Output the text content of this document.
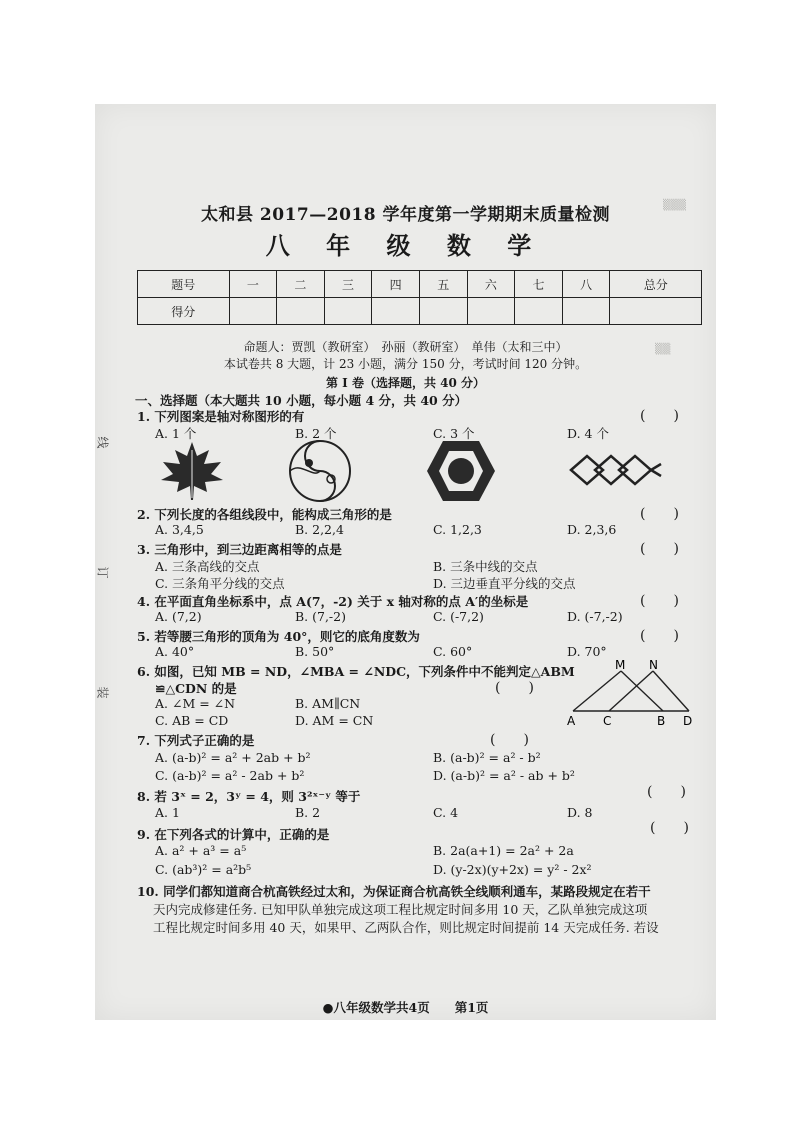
▒▒▒
▒▒
线
订
装
太和县 2017—2018 学年度第一学期期末质量检测
八 年 级 数 学
题号	一	二	三	四	五	六	七	八	总分
得分									
命题人：贾凯（教研室）　孙丽（教研室）　单伟（太和三中）
本试卷共 8 大题，计 23 小题，满分 150 分，考试时间 120 分钟。
第 I 卷（选择题，共 40 分）
一、选择题（本大题共 10 小题，每小题 4 分，共 40 分）
1. 下列图案是轴对称图形的有	(　　)
A. 1 个	B. 2 个	C. 3 个	D. 4 个
2. 下列长度的各组线段中，能构成三角形的是	(　　)
A. 3,4,5	B. 2,2,4	C. 1,2,3	D. 2,3,6
3. 三角形中，到三边距离相等的点是	(　　)
A. 三条高线的交点	B. 三条中线的交点
C. 三条角平分线的交点	D. 三边垂直平分线的交点
4. 在平面直角坐标系中，点 A(7，-2) 关于 x 轴对称的点 A′的坐标是	(　　)
A. (7,2)	B. (7,-2)	C. (-7,2)	D. (-7,-2)
5. 若等腰三角形的顶角为 40°，则它的底角度数为	(　　)
A. 40°	B. 50°	C. 60°	D. 70°
6. 如图，已知 MB = ND，∠MBA = ∠NDC，下列条件中不能判定△ABM
≌△CDN 的是	(　　)
A. ∠M = ∠N	B. AM∥CN
C. AB = CD	D. AM = CN
M N
A C	B D
7. 下列式子正确的是	(　　)
A. (a-b)² = a² + 2ab + b²	B. (a-b)² = a² - b²
C. (a-b)² = a² - 2ab + b²	D. (a-b)² = a² - ab + b²
8. 若 3ˣ = 2，3ʸ = 4，则 3²ˣ⁻ʸ 等于	(　　)
A. 1	B. 2	C. 4	D. 8
9. 在下列各式的计算中，正确的是	(　　)
A. a² + a³ = a⁵	B. 2a(a+1) = 2a² + 2a
C. (ab³)² = a²b⁵	D. (y-2x)(y+2x) = y² - 2x²
10. 同学们都知道商合杭高铁经过太和，为保证商合杭高铁全线顺利通车，某路段规定在若干
天内完成修建任务. 已知甲队单独完成这项工程比规定时间多用 10 天，乙队单独完成这项
工程比规定时间多用 40 天，如果甲、乙两队合作，则比规定时间提前 14 天完成任务. 若设
●八年级数学共4页　　第1页
